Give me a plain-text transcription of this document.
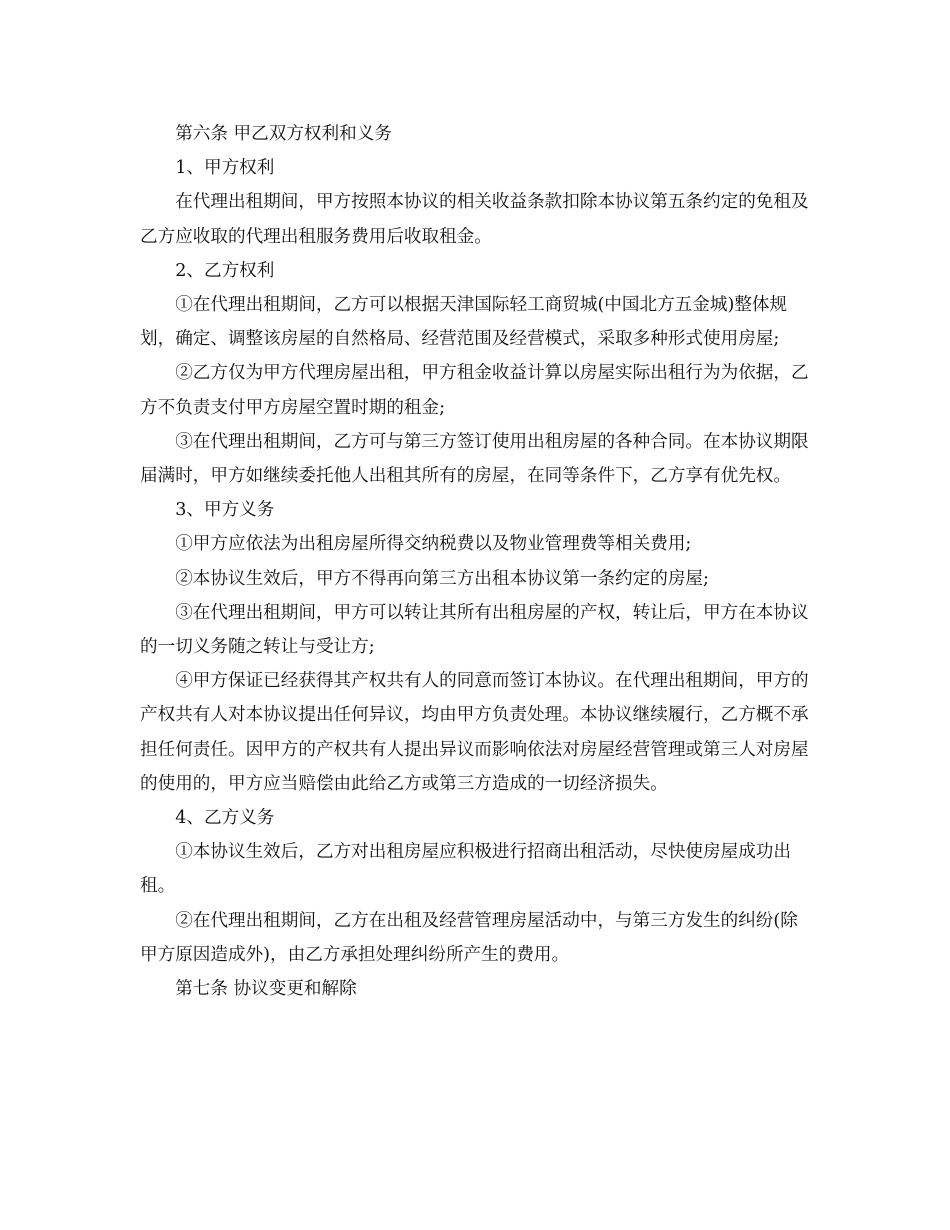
第六条 甲乙双方权利和义务

1、甲方权利

在代理出租期间，甲方按照本协议的相关收益条款扣除本协议第五条约定的免租及乙方应收取的代理出租服务费用后收取租金。

2、乙方权利

①在代理出租期间，乙方可以根据天津国际轻工商贸城(中国北方五金城)整体规划，确定、调整该房屋的自然格局、经营范围及经营模式，采取多种形式使用房屋;

②乙方仅为甲方代理房屋出租，甲方租金收益计算以房屋实际出租行为为依据，乙方不负责支付甲方房屋空置时期的租金;

③在代理出租期间，乙方可与第三方签订使用出租房屋的各种合同。在本协议期限届满时，甲方如继续委托他人出租其所有的房屋，在同等条件下，乙方享有优先权。

3、甲方义务

①甲方应依法为出租房屋所得交纳税费以及物业管理费等相关费用;

②本协议生效后，甲方不得再向第三方出租本协议第一条约定的房屋;

③在代理出租期间，甲方可以转让其所有出租房屋的产权，转让后，甲方在本协议的一切义务随之转让与受让方;

④甲方保证已经获得其产权共有人的同意而签订本协议。在代理出租期间，甲方的产权共有人对本协议提出任何异议，均由甲方负责处理。本协议继续履行，乙方概不承担任何责任。因甲方的产权共有人提出异议而影响依法对房屋经营管理或第三人对房屋的使用的，甲方应当赔偿由此给乙方或第三方造成的一切经济损失。

4、乙方义务

①本协议生效后，乙方对出租房屋应积极进行招商出租活动，尽快使房屋成功出租。

②在代理出租期间，乙方在出租及经营管理房屋活动中，与第三方发生的纠纷(除甲方原因造成外)，由乙方承担处理纠纷所产生的费用。

第七条 协议变更和解除
